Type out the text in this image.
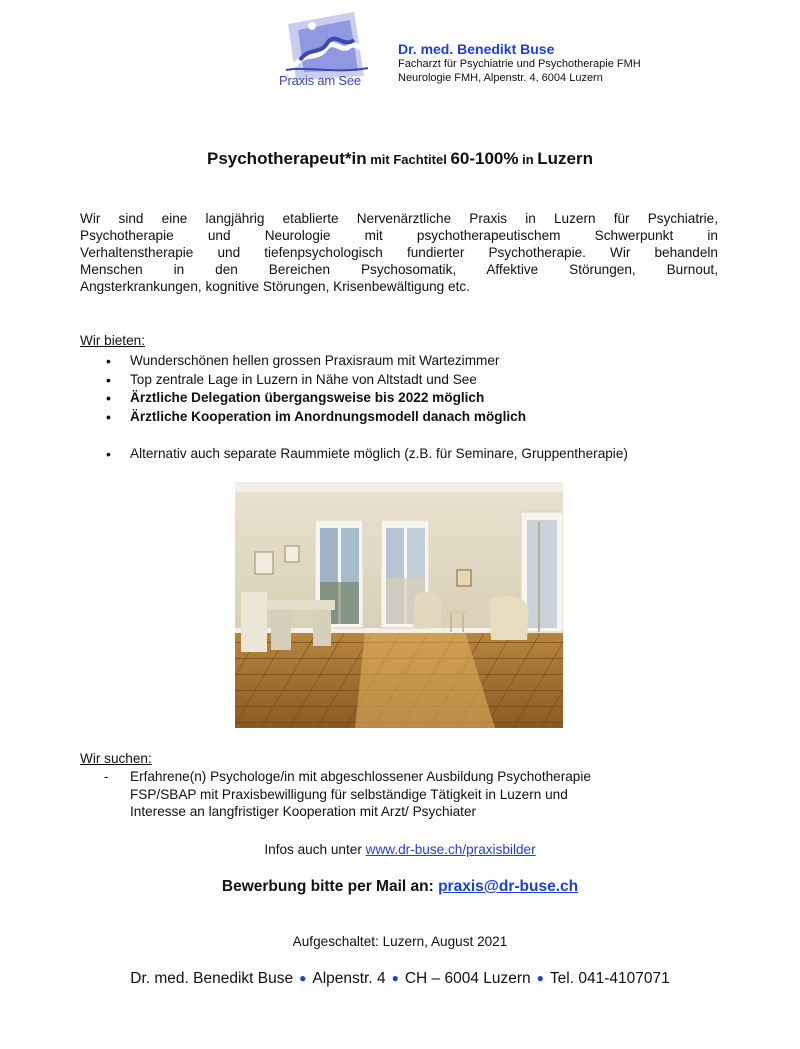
Praxis am See
Dr. med. Benedikt Buse
Facharzt für Psychiatrie und Psychotherapie FMH
Neurologie FMH, Alpenstr. 4, 6004 Luzern
Psychotherapeut*in mit Fachtitel 60-100% in Luzern
Wir sind eine langjährig etablierte Nervenärztliche Praxis in Luzern für Psychiatrie,
Psychotherapie und Neurologie mit psychotherapeutischem Schwerpunkt in
Verhaltenstherapie und tiefenpsychologisch fundierter Psychotherapie. Wir behandeln
Menschen in den Bereichen Psychosomatik, Affektive Störungen, Burnout,
Angsterkrankungen, kognitive Störungen, Krisenbewältigung etc.
Wir bieten:
• Wunderschönen hellen grossen Praxisraum mit Wartezimmer
• Top zentrale Lage in Luzern in Nähe von Altstadt und See
• Ärztliche Delegation übergangsweise bis 2022 möglich
• Ärztliche Kooperation im Anordnungsmodell danach möglich
• Alternativ auch separate Raummiete möglich (z.B. für Seminare, Gruppentherapie)
Wir suchen:
- Erfahrene(n) Psychologe/in mit abgeschlossener Ausbildung Psychotherapie
FSP/SBAP mit Praxisbewilligung für selbständige Tätigkeit in Luzern und
Interesse an langfristiger Kooperation mit Arzt/ Psychiater
Infos auch unter www.dr-buse.ch/praxisbilder
Bewerbung bitte per Mail an: praxis@dr-buse.ch
Aufgeschaltet: Luzern, August 2021
Dr. med. Benedikt Buse ● Alpenstr. 4 ● CH – 6004 Luzern ● Tel. 041-4107071
